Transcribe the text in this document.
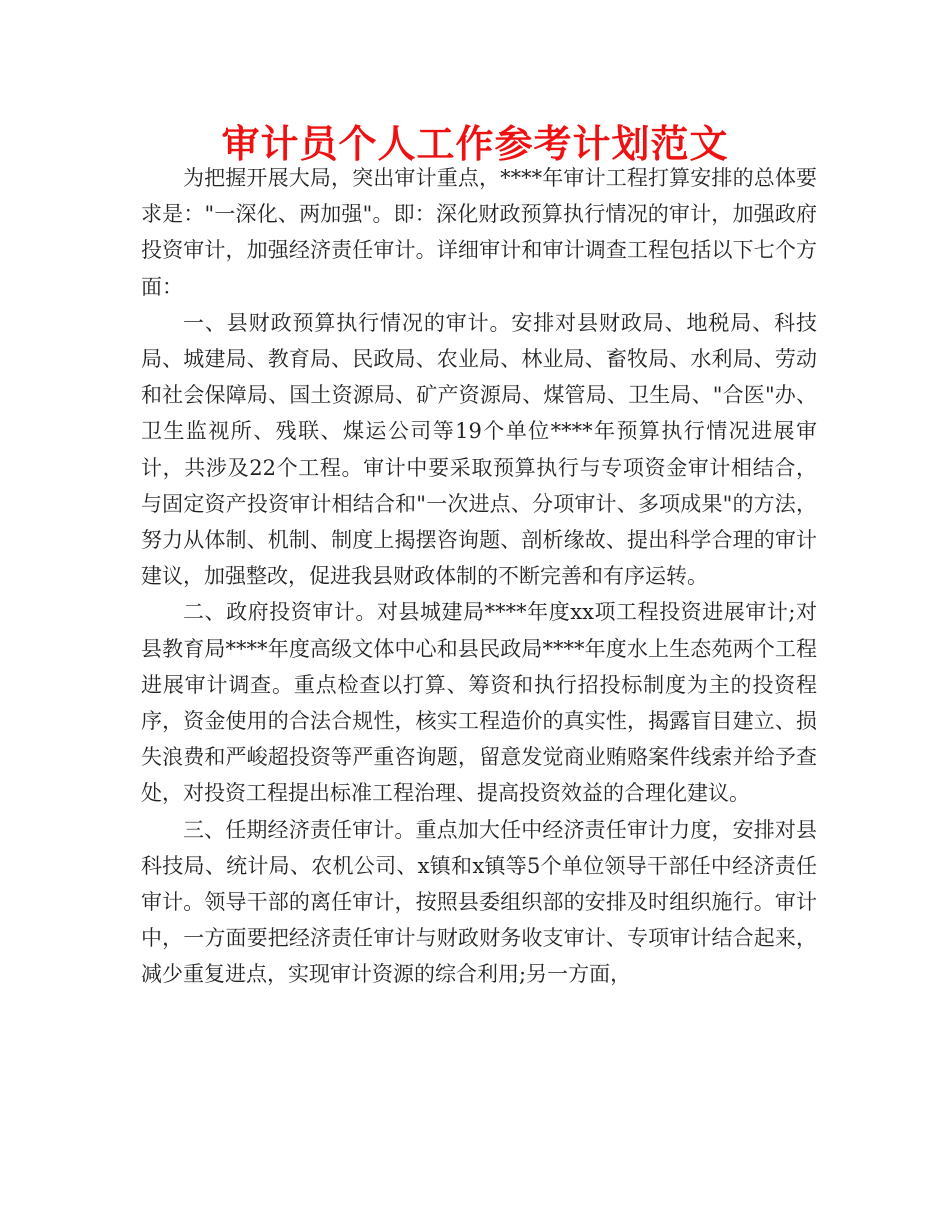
审计员个人工作参考计划范文

为把握开展大局，突出审计重点，****年审计工程打算安排的总体要求是："一深化、两加强"。即：深化财政预算执行情况的审计，加强政府投资审计，加强经济责任审计。详细审计和审计调查工程包括以下七个方面：

一、县财政预算执行情况的审计。安排对县财政局、地税局、科技局、城建局、教育局、民政局、农业局、林业局、畜牧局、水利局、劳动和社会保障局、国土资源局、矿产资源局、煤管局、卫生局、"合医"办、卫生监视所、残联、煤运公司等19个单位****年预算执行情况进展审计，共涉及22个工程。审计中要采取预算执行与专项资金审计相结合，与固定资产投资审计相结合和"一次进点、分项审计、多项成果"的方法，努力从体制、机制、制度上揭摆咨询题、剖析缘故、提出科学合理的审计建议，加强整改，促进我县财政体制的不断完善和有序运转。

二、政府投资审计。对县城建局****年度xx项工程投资进展审计;对县教育局****年度高级文体中心和县民政局****年度水上生态苑两个工程进展审计调查。重点检查以打算、筹资和执行招投标制度为主的投资程序，资金使用的合法合规性，核实工程造价的真实性，揭露盲目建立、损失浪费和严峻超投资等严重咨询题，留意发觉商业贿赂案件线索并给予查处，对投资工程提出标准工程治理、提高投资效益的合理化建议。

三、任期经济责任审计。重点加大任中经济责任审计力度，安排对县科技局、统计局、农机公司、x镇和x镇等5个单位领导干部任中经济责任审计。领导干部的离任审计，按照县委组织部的安排及时组织施行。审计中，一方面要把经济责任审计与财政财务收支审计、专项审计结合起来，减少重复进点，实现审计资源的综合利用;另一方面，
